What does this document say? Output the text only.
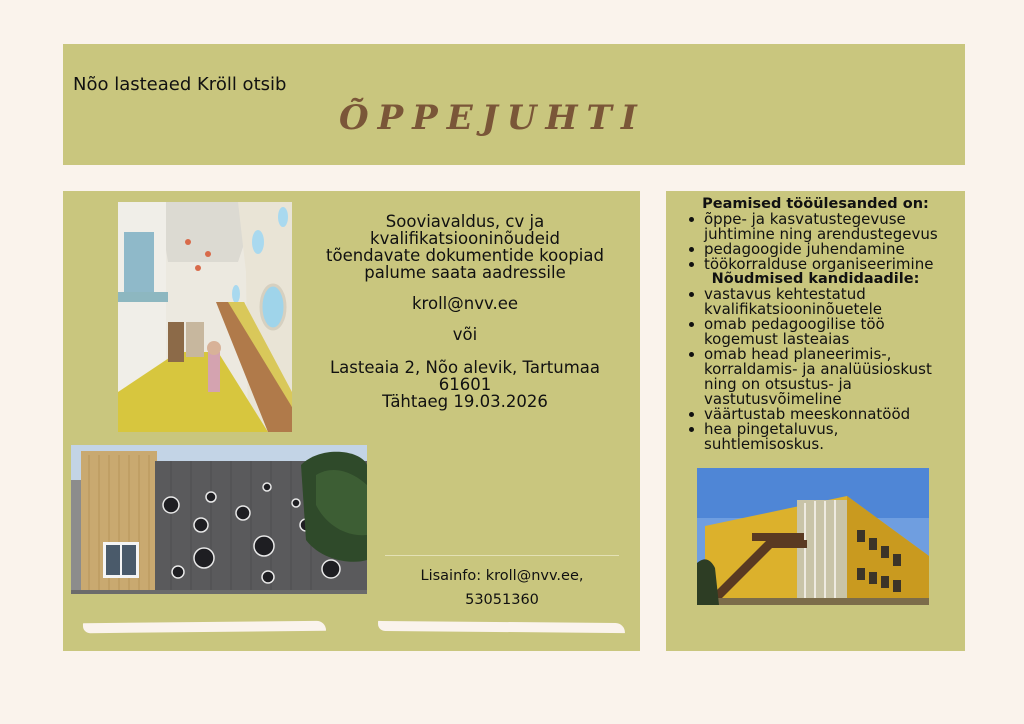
Nõo lasteaed Kröll otsib
ÕPPEJUHTI

Sooviavaldus, cv ja kvalifikatsiooninõudeid tõendavate dokumentide koopiad palume saata aadressile

kroll@nvv.ee

või

Lasteaia 2, Nõo alevik, Tartumaa 61601
Tähtaeg 19.03.2026
Lisainfo: kroll@nvv.ee,
53051360
Peamised tööülesanded on:
õppe- ja kasvatustegevuse juhtimine ning arendustegevus
pedagoogide juhendamine
töökorralduse organiseerimine
Nõudmised kandidaadile:
vastavus kehtestatud kvalifikatsiooninõuetele
omab pedagoogilise töö kogemust lasteaias
omab head planeerimis-, korraldamis- ja analüüsioskust ning on otsustus- ja vastutusvõimeline
väärtustab meeskonnatööd
hea pingetaluvus, suhtlemisoskus.
